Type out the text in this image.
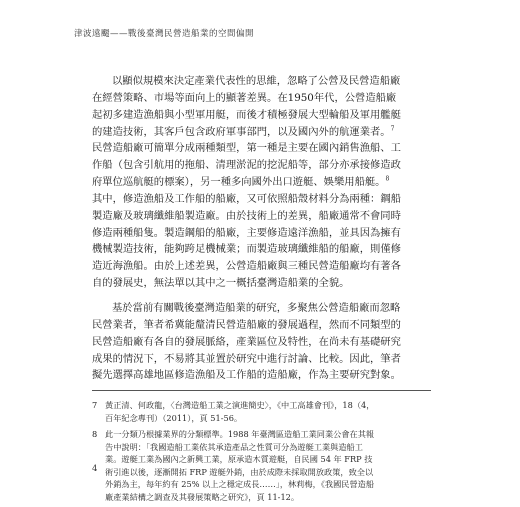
津波遠颺——戰後臺灣民營造船業的空間偏開
以顯似規模來決定產業代表性的思維，忽略了公營及民營造船廠
在經營策略、市場等面向上的顯著差異。在1950年代，公營造船廠
起初多建造漁船與小型軍用艇，而後才積極發展大型輪船及軍用艦艇
的建造技術，其客戶包含政府軍事部門，以及國內外的航運業者。$^7$
民營造船廠可簡單分成兩種類型，第一種是主要在國內銷售漁船、工
作船（包含引航用的拖船、清理淤泥的挖泥船等，部分亦承接修造政
府單位巡航艇的標案），另一種多向國外出口遊艇、娛樂用船艇。$^8$
其中，修造漁船及工作船的船廠，又可依照船殼材料分為兩種：鋼船
製造廠及玻璃纖維船製造廠。由於技術上的差異，船廠通常不會同時
修造兩種船隻。製造鋼船的船廠，主要修造遠洋漁船，並具因為擁有
機械製造技術，能夠跨足機械業；而製造玻璃纖維船的船廠，則僅修
造近海漁船。由於上述差異，公營造船廠與三種民營造船廠均有著各
自的發展史，無法單以其中之一概括臺灣造船業的全貌。
基於當前有關戰後臺灣造船業的研究，多聚焦公營造船廠而忽略
民營業者，筆者希冀能釐清民營造船廠的發展過程，然而不同類型的
民營造船廠有各自的發展脈絡，產業區位及特性，在尚未有基礎研究
成果的情況下，不易將其並置於研究中進行討論、比較。因此，筆者
擬先選擇高雄地區修造漁船及工作船的造船廠，作為主要研究對象。
7 黃正清、何政龍，〈台灣造船工業之演進簡史〉，《中工高雄會刊》，18（4，
百年紀念專刊）（2011），頁 51-56。
8 此一分類乃根據業界的分類標準。1988 年臺灣區造船工業同業公會在其報
告中說明：「我國造船工業依其承造產品之性質可分為遊艇工業與造船工
業。遊艇工業為國內之新興工業，原承造木質遊艇，自民國 54 年 FRP 技
術引進以後，逐漸開拓 FRP 遊艇外銷，由於成際未採取開放政策，致全以
外銷為主，每年約有 25% 以上之穩定成長……」，林莉梅，《我國民營造船
廠產業結構之調查及其發展策略之研究》，頁 11-12。
4
